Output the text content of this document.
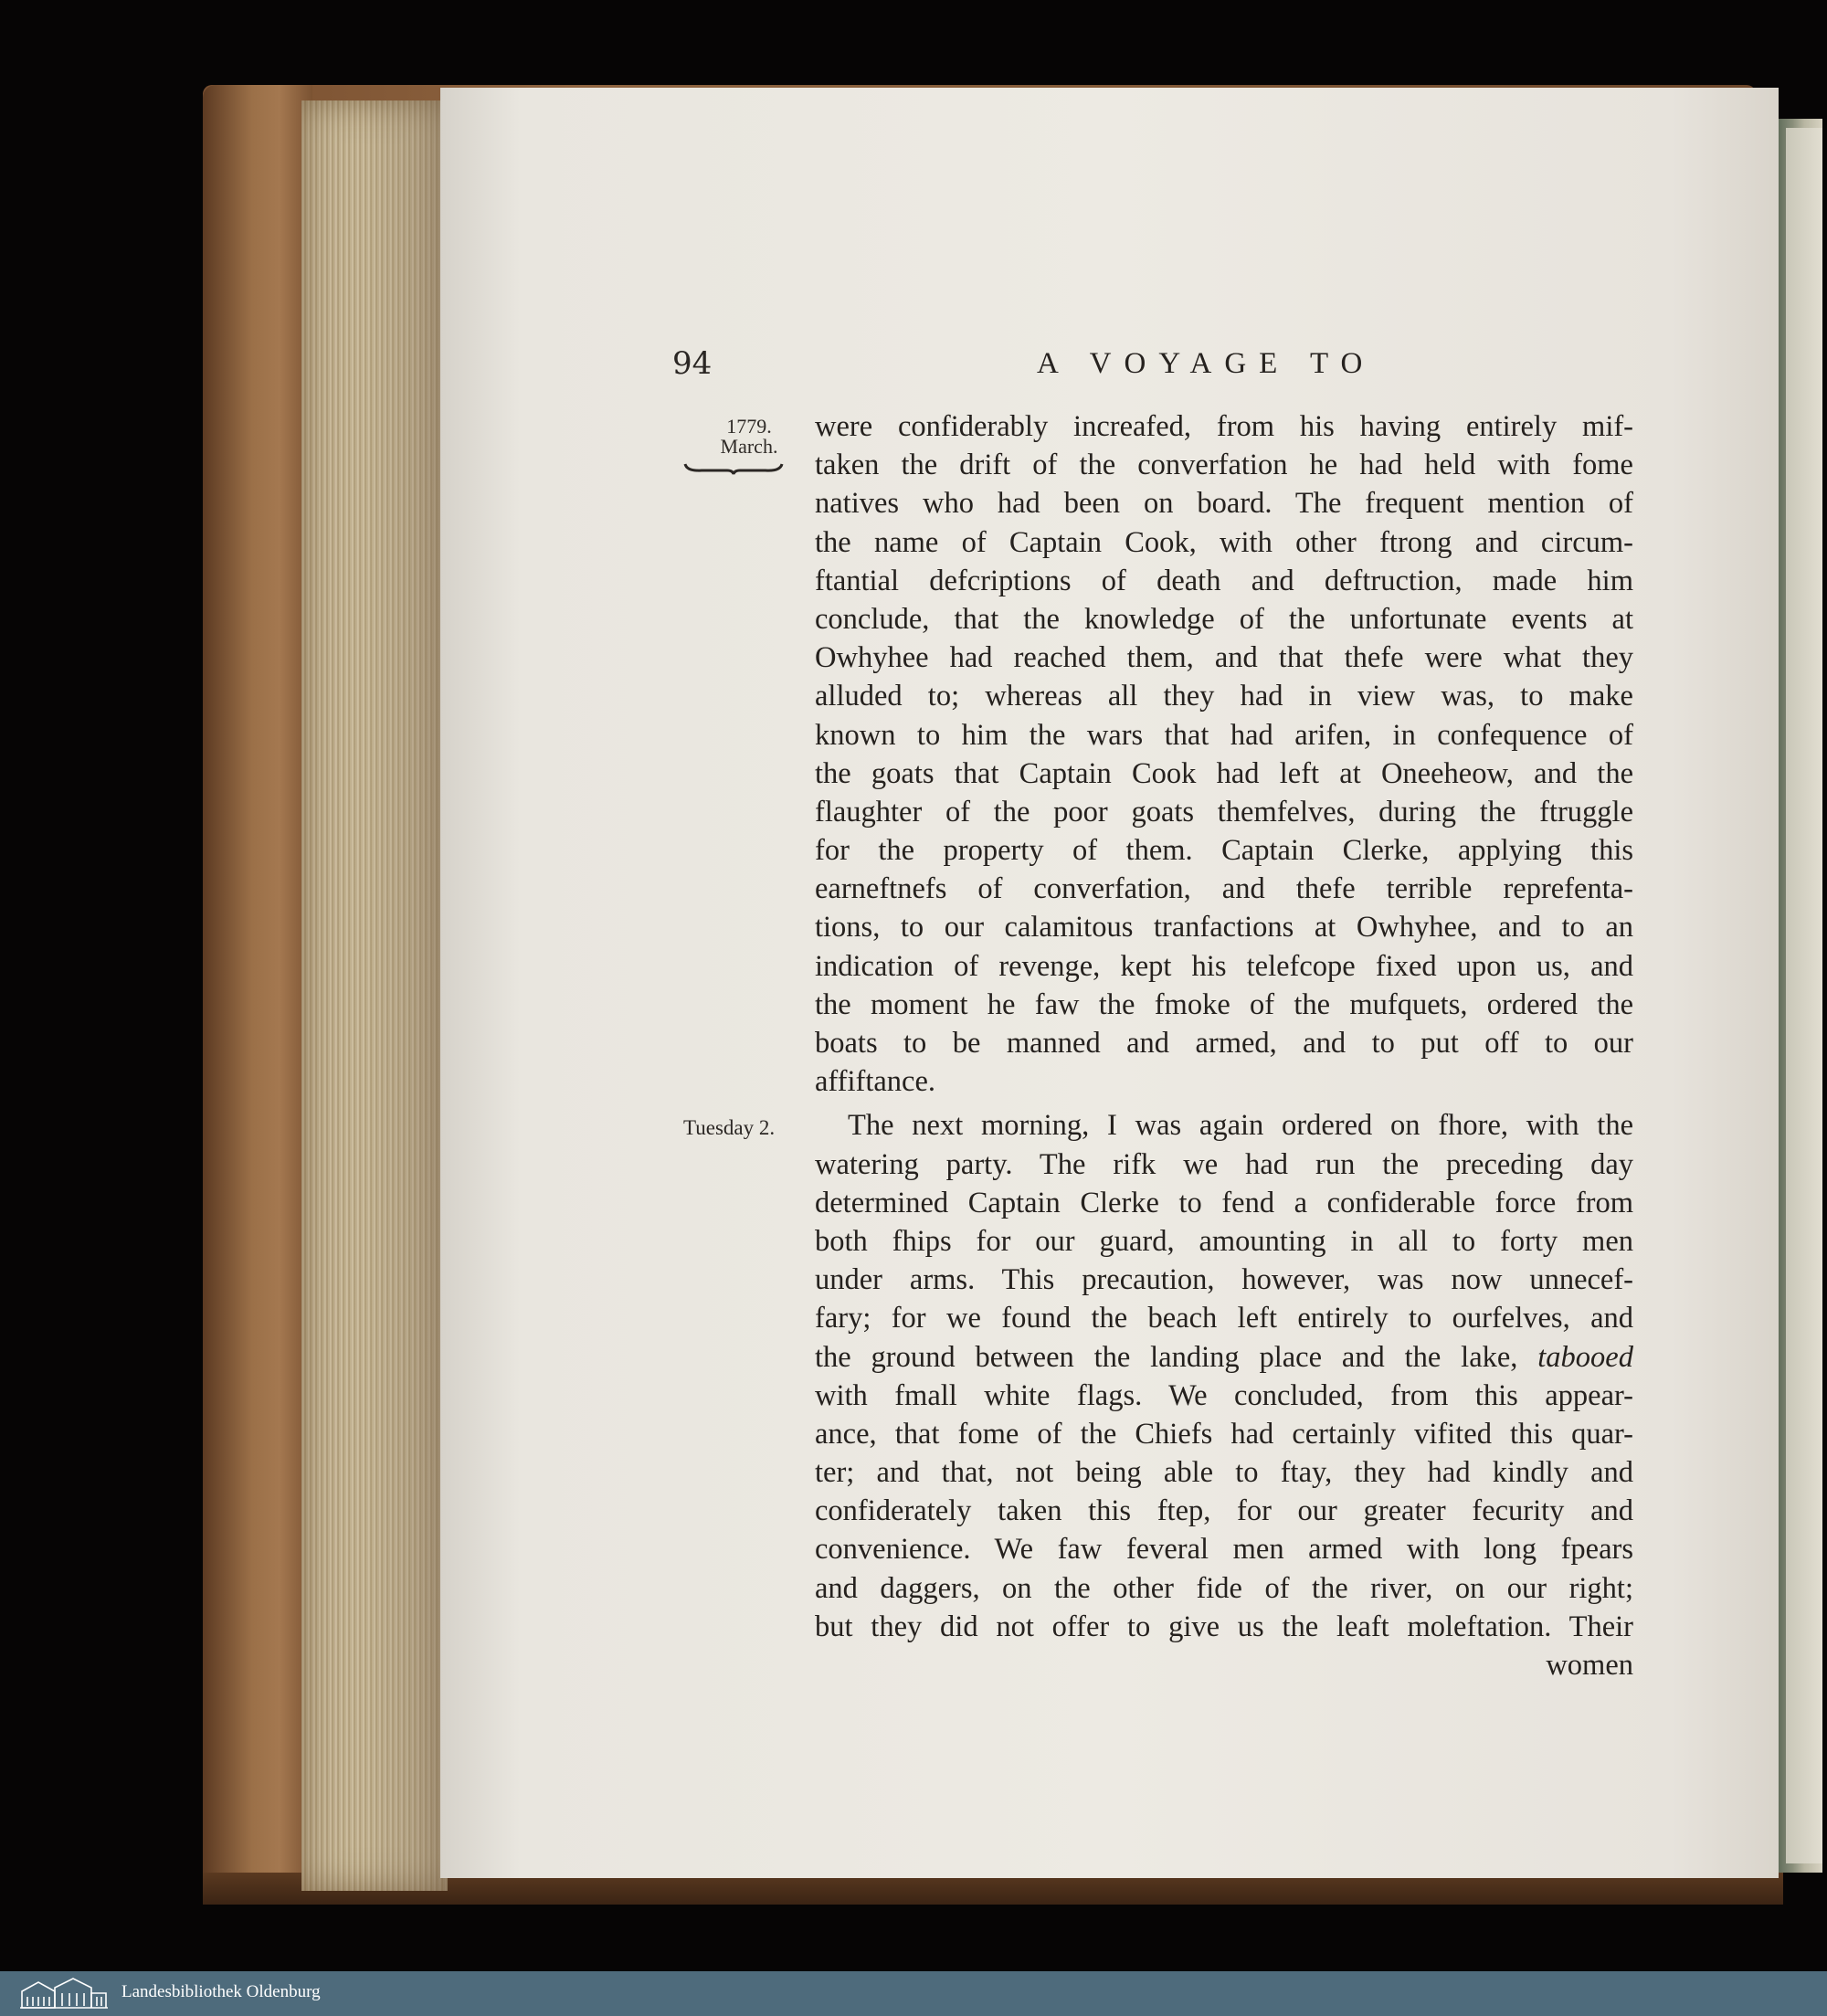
94	A VOYAGE TO
1779.
March.
Tuesday 2.
were confiderably increafed, from his having entirely mif-
taken the drift of the converfation he had held with fome
natives who had been on board. The frequent mention of
the name of Captain Cook, with other ftrong and circum-
ftantial defcriptions of death and deftruction, made him
conclude, that the knowledge of the unfortunate events at
Owhyhee had reached them, and that thefe were what they
alluded to; whereas all they had in view was, to make
known to him the wars that had arifen, in confequence of
the goats that Captain Cook had left at Oneeheow, and the
flaughter of the poor goats themfelves, during the ftruggle
for the property of them. Captain Clerke, applying this
earneftnefs of converfation, and thefe terrible reprefenta-
tions, to our calamitous tranfactions at Owhyhee, and to an
indication of revenge, kept his telefcope fixed upon us, and
the moment he faw the fmoke of the mufquets, ordered the
boats to be manned and armed, and to put off to our
affiftance.
The next morning, I was again ordered on fhore, with the
watering party. The rifk we had run the preceding day
determined Captain Clerke to fend a confiderable force from
both fhips for our guard, amounting in all to forty men
under arms. This precaution, however, was now unnecef-
fary; for we found the beach left entirely to ourfelves, and
the ground between the landing place and the lake, tabooed
with fmall white flags. We concluded, from this appear-
ance, that fome of the Chiefs had certainly vifited this quar-
ter; and that, not being able to ftay, they had kindly and
confiderately taken this ftep, for our greater fecurity and
convenience. We faw feveral men armed with long fpears
and daggers, on the other fide of the river, on our right;
but they did not offer to give us the leaft moleftation. Their
women
Landesbibliothek Oldenburg
